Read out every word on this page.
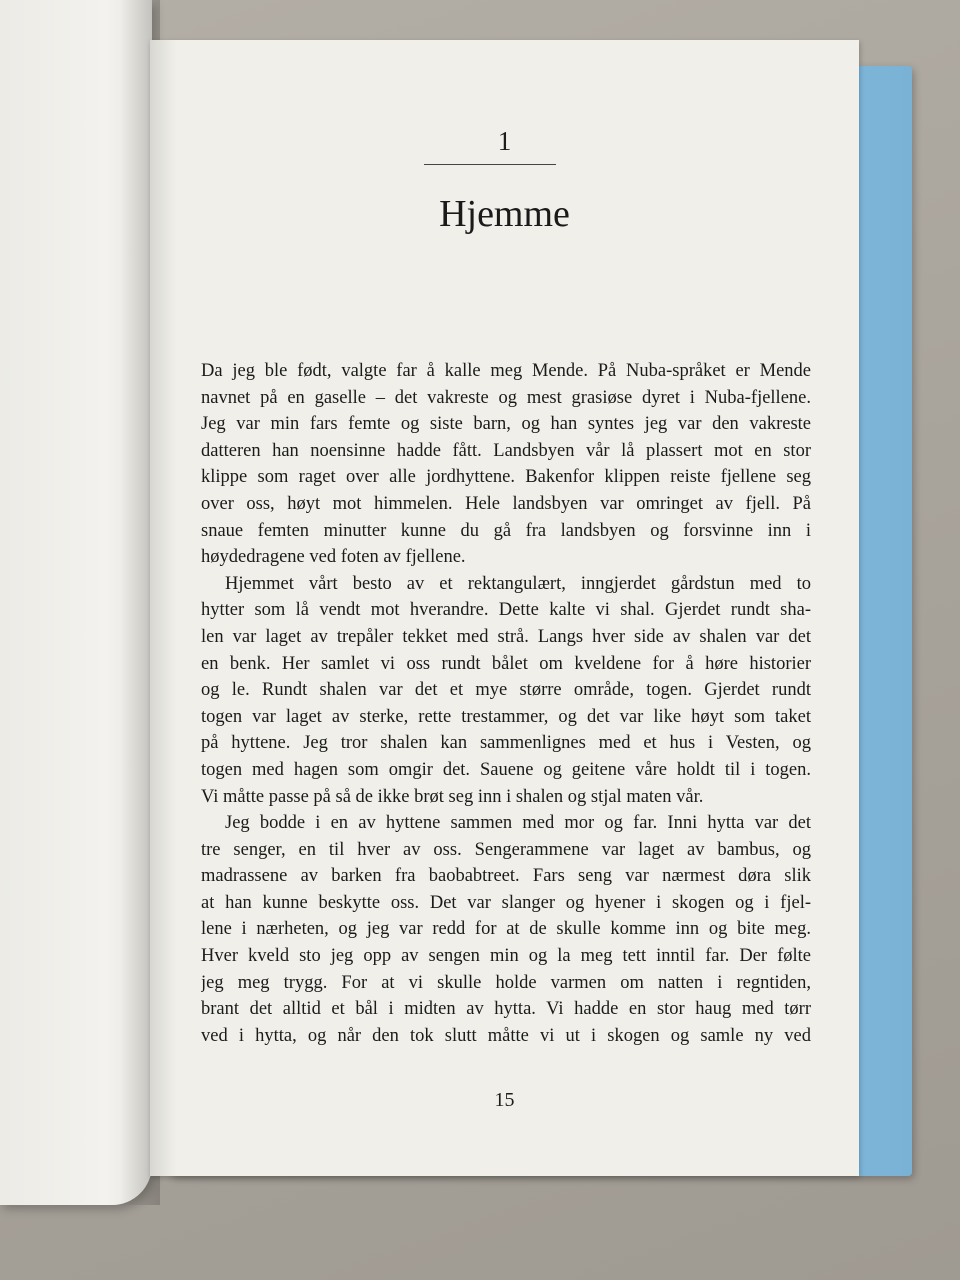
1
Hjemme
Da jeg ble født, valgte far å kalle meg Mende. På Nuba-språket er Mende
navnet på en gaselle – det vakreste og mest grasiøse dyret i Nuba-fjellene.
Jeg var min fars femte og siste barn, og han syntes jeg var den vakreste
datteren han noensinne hadde fått. Landsbyen vår lå plassert mot en stor
klippe som raget over alle jordhyttene. Bakenfor klippen reiste fjellene seg
over oss, høyt mot himmelen. Hele landsbyen var omringet av fjell. På
snaue femten minutter kunne du gå fra landsbyen og forsvinne inn i
høydedragene ved foten av fjellene.
Hjemmet vårt besto av et rektangulært, inngjerdet gårdstun med to
hytter som lå vendt mot hverandre. Dette kalte vi shal. Gjerdet rundt sha-
len var laget av trepåler tekket med strå. Langs hver side av shalen var det
en benk. Her samlet vi oss rundt bålet om kveldene for å høre historier
og le. Rundt shalen var det et mye større område, togen. Gjerdet rundt
togen var laget av sterke, rette trestammer, og det var like høyt som taket
på hyttene. Jeg tror shalen kan sammenlignes med et hus i Vesten, og
togen med hagen som omgir det. Sauene og geitene våre holdt til i togen.
Vi måtte passe på så de ikke brøt seg inn i shalen og stjal maten vår.
Jeg bodde i en av hyttene sammen med mor og far. Inni hytta var det
tre senger, en til hver av oss. Sengerammene var laget av bambus, og
madrassene av barken fra baobabtreet. Fars seng var nærmest døra slik
at han kunne beskytte oss. Det var slanger og hyener i skogen og i fjel-
lene i nærheten, og jeg var redd for at de skulle komme inn og bite meg.
Hver kveld sto jeg opp av sengen min og la meg tett inntil far. Der følte
jeg meg trygg. For at vi skulle holde varmen om natten i regntiden,
brant det alltid et bål i midten av hytta. Vi hadde en stor haug med tørr
ved i hytta, og når den tok slutt måtte vi ut i skogen og samle ny ved
15
